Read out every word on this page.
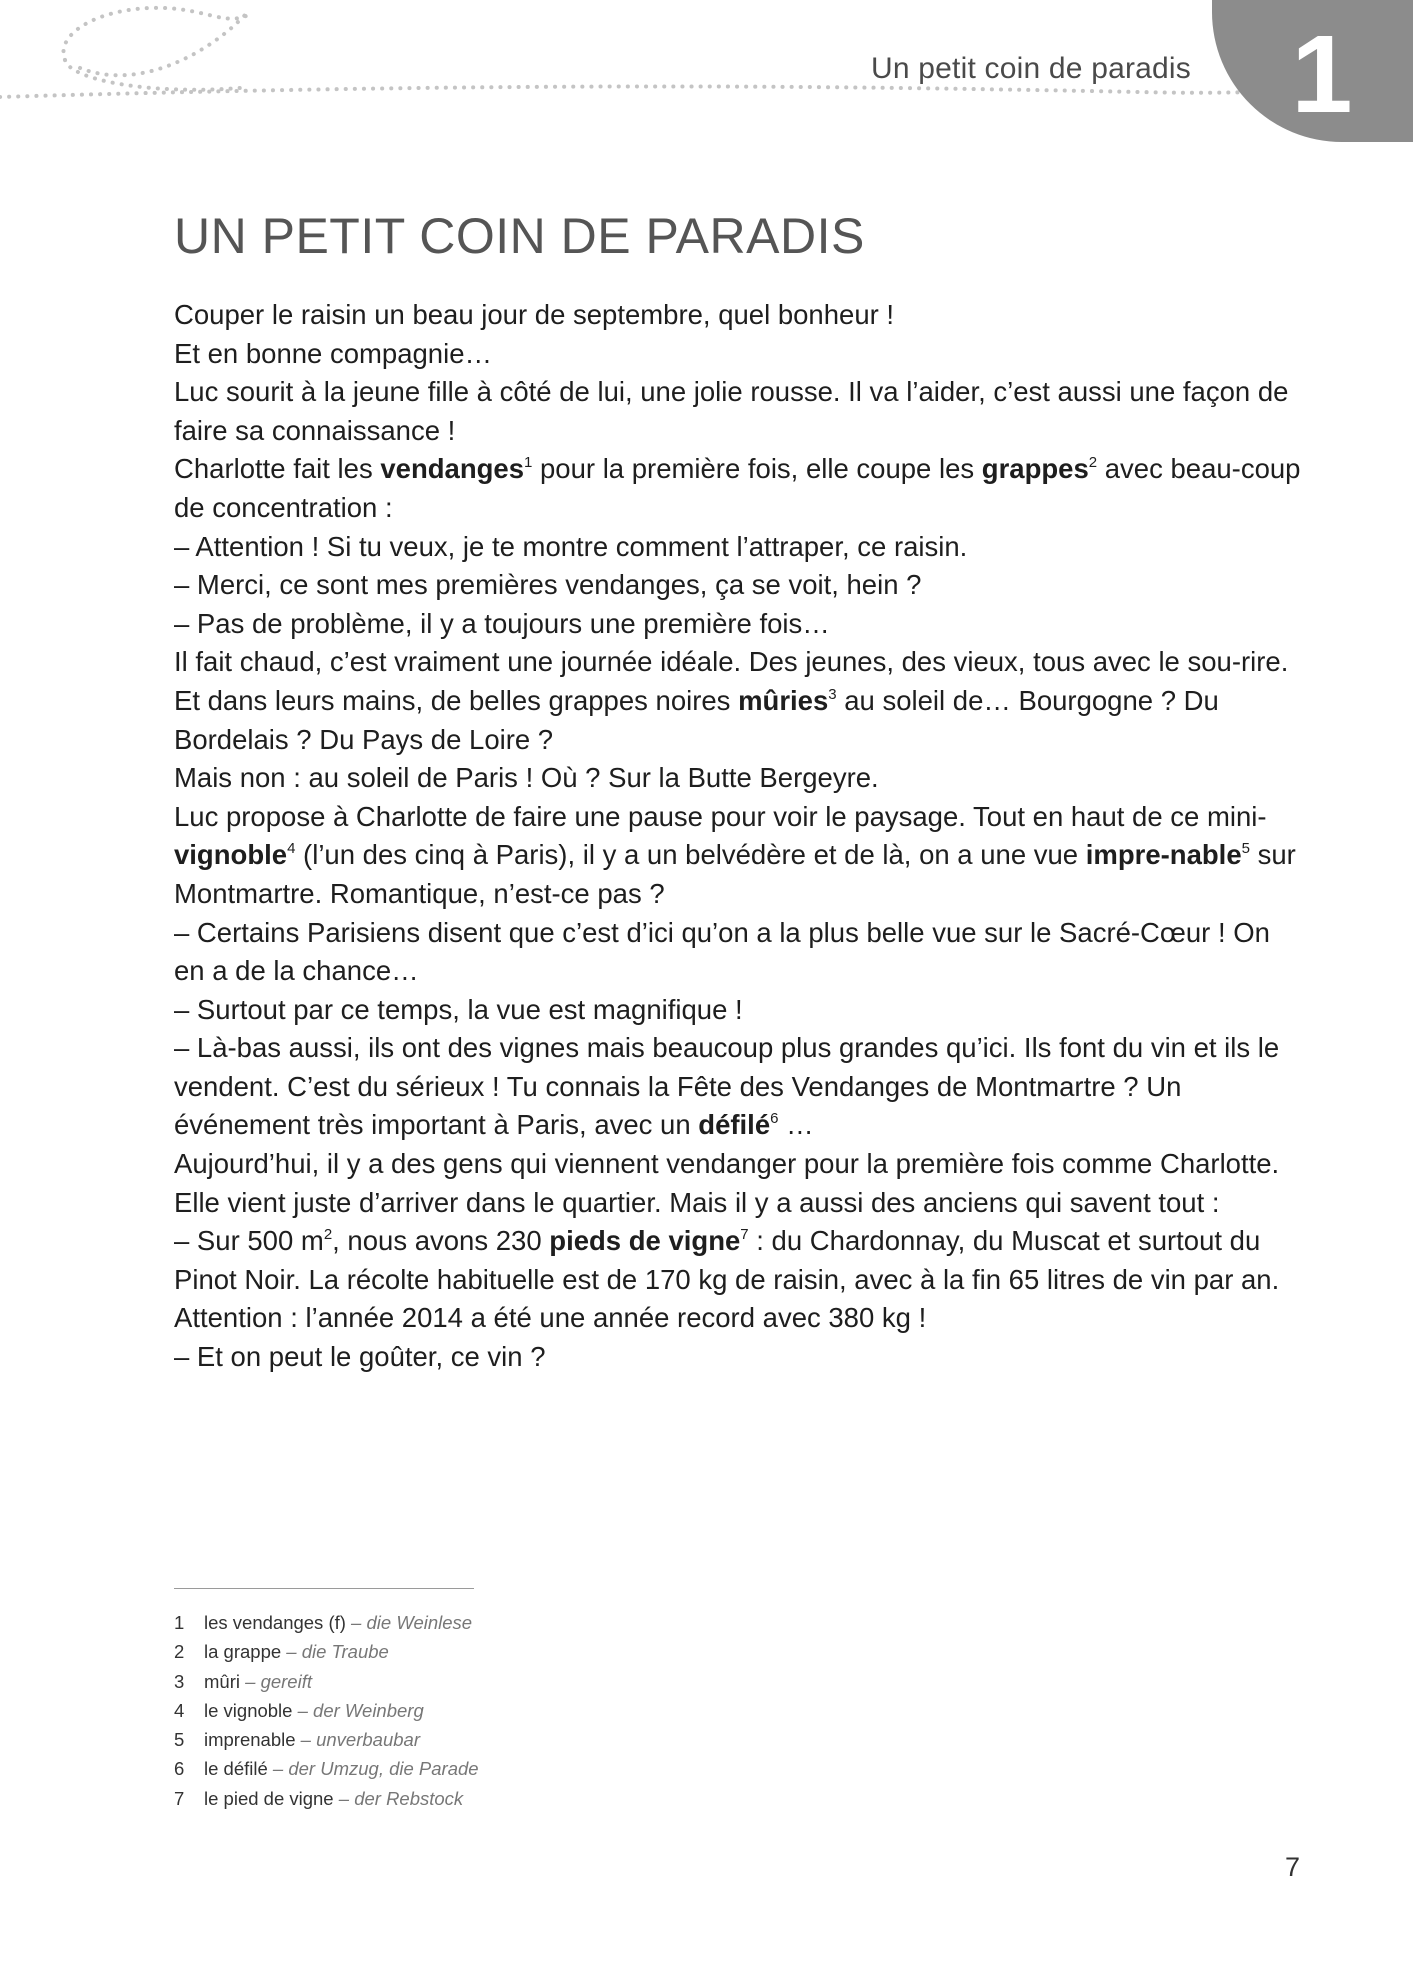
Un petit coin de paradis 1
UN PETIT COIN DE PARADIS

Couper le raisin un beau jour de septembre, quel bonheur !

Et en bonne compagnie…

Luc sourit à la jeune fille à côté de lui, une jolie rousse. Il va l’aider, c’est aussi une façon de faire sa connaissance !

Charlotte fait les vendanges$^1$ pour la première fois, elle coupe les grappes$^2$ avec beau-coup de concentration :

– Attention ! Si tu veux, je te montre comment l’attraper, ce raisin.

– Merci, ce sont mes premières vendanges, ça se voit, hein ?

– Pas de problème, il y a toujours une première fois…

Il fait chaud, c’est vraiment une journée idéale. Des jeunes, des vieux, tous avec le sou-rire. Et dans leurs mains, de belles grappes noires mûries$^3$ au soleil de… Bourgogne ? Du Bordelais ? Du Pays de Loire ?

Mais non : au soleil de Paris ! Où ? Sur la Butte Bergeyre.

Luc propose à Charlotte de faire une pause pour voir le paysage. Tout en haut de ce mini- vignoble$^4$ (l’un des cinq à Paris), il y a un belvédère et de là, on a une vue impre-nable$^5$ sur Montmartre. Romantique, n’est-ce pas ?

– Certains Parisiens disent que c’est d’ici qu’on a la plus belle vue sur le Sacré-Cœur ! On en a de la chance…

– Surtout par ce temps, la vue est magnifique !

– Là-bas aussi, ils ont des vignes mais beaucoup plus grandes qu’ici. Ils font du vin et ils le vendent. C’est du sérieux ! Tu connais la Fête des Vendanges de Montmartre ? Un événement très important à Paris, avec un défilé$^6$ …

Aujourd’hui, il y a des gens qui viennent vendanger pour la première fois comme Charlotte. Elle vient juste d’arriver dans le quartier. Mais il y a aussi des anciens qui savent tout :

– Sur 500 $m^2$, nous avons 230 pieds de vigne$^7$ : du Chardonnay, du Muscat et surtout du Pinot Noir. La récolte habituelle est de 170 kg de raisin, avec à la fin 65 litres de vin par an. Attention : l’année 2014 a été une année record avec 380 kg !

– Et on peut le goûter, ce vin ?

1 les vendanges (f) – die Weinlese
2 la grappe – die Traube
3 mûri – gereift
4 le vignoble – der Weinberg
5 imprenable – unverbaubar
6 le défilé – der Umzug, die Parade
7 le pied de vigne – der Rebstock
7
